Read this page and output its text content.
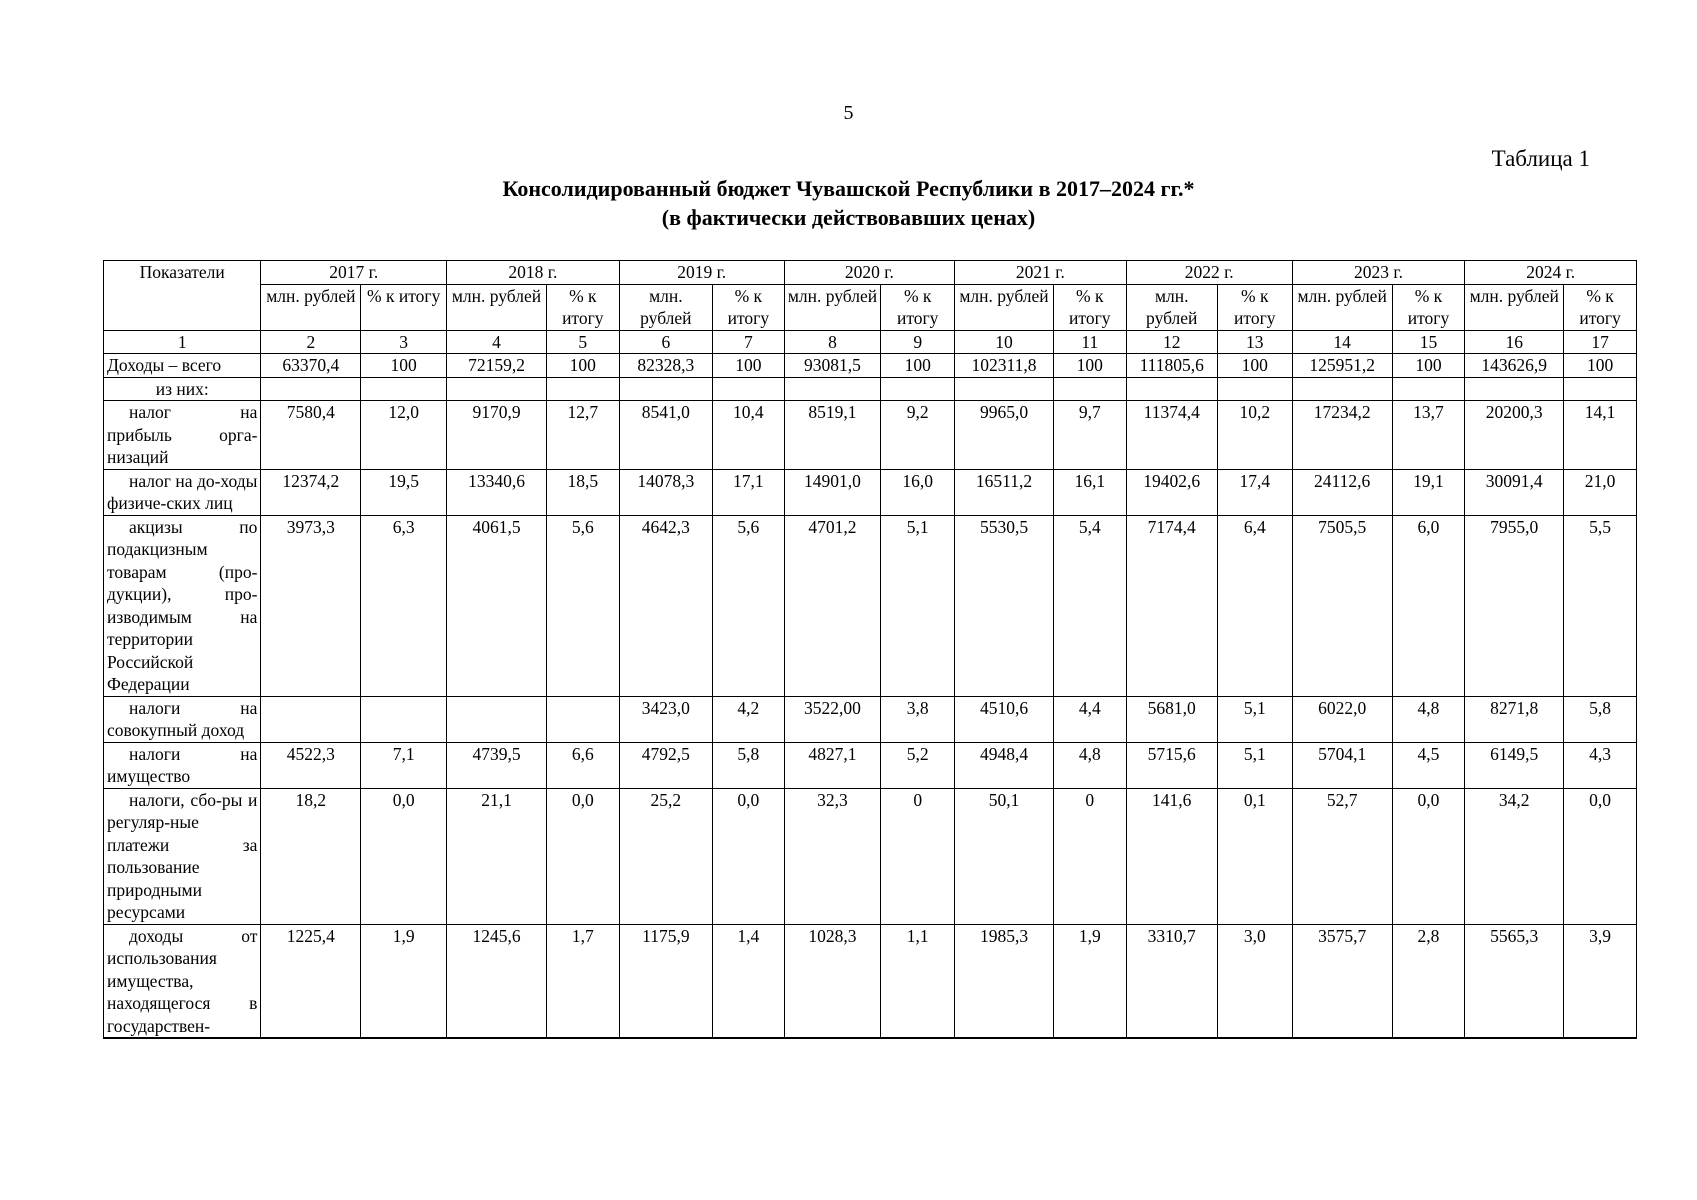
5
Таблица 1
Консолидированный бюджет Чувашской Республики в 2017–2024 гг.*
(в фактически действовавших ценах)
Показатели	2017 г.		2018 г.		2019 г.		2020 г.		2021 г.		2022 г.		2023 г.		2024 г.	
	млн. рублей	% к итогу	млн. рублей	% к итогу	млн. рублей	% к итогу	млн. рублей	% к итогу	млн. рублей	% к итогу	млн. рублей	% к итогу	млн. рублей	% к итогу	млн. рублей	% к итогу
1	2	3	4	5	6	7	8	9	10	11	12	13	14	15	16	17
Доходы – всего	63370,4	100	72159,2	100	82328,3	100	93081,5	100	102311,8	100	111805,6	100	125951,2	100	143626,9	100
из них:																
налог на прибыль орга-низаций	7580,4	12,0	9170,9	12,7	8541,0	10,4	8519,1	9,2	9965,0	9,7	11374,4	10,2	17234,2	13,7	20200,3	14,1
налог на до-ходы физиче-ских лиц	12374,2	19,5	13340,6	18,5	14078,3	17,1	14901,0	16,0	16511,2	16,1	19402,6	17,4	24112,6	19,1	30091,4	21,0
акцизы по подакцизным товарам (про-дукции), про-изводимым на территории Российской Федерации	3973,3	6,3	4061,5	5,6	4642,3	5,6	4701,2	5,1	5530,5	5,4	7174,4	6,4	7505,5	6,0	7955,0	5,5
налоги на совокупный доход					3423,0	4,2	3522,00	3,8	4510,6	4,4	5681,0	5,1	6022,0	4,8	8271,8	5,8
налоги на имущество	4522,3	7,1	4739,5	6,6	4792,5	5,8	4827,1	5,2	4948,4	4,8	5715,6	5,1	5704,1	4,5	6149,5	4,3
налоги, сбо-ры и регуляр-ные платежи за пользование природными ресурсами	18,2	0,0	21,1	0,0	25,2	0,0	32,3	0	50,1	0	141,6	0,1	52,7	0,0	34,2	0,0
доходы от использования имущества, находящегося в государствен-	1225,4	1,9	1245,6	1,7	1175,9	1,4	1028,3	1,1	1985,3	1,9	3310,7	3,0	3575,7	2,8	5565,3	3,9
